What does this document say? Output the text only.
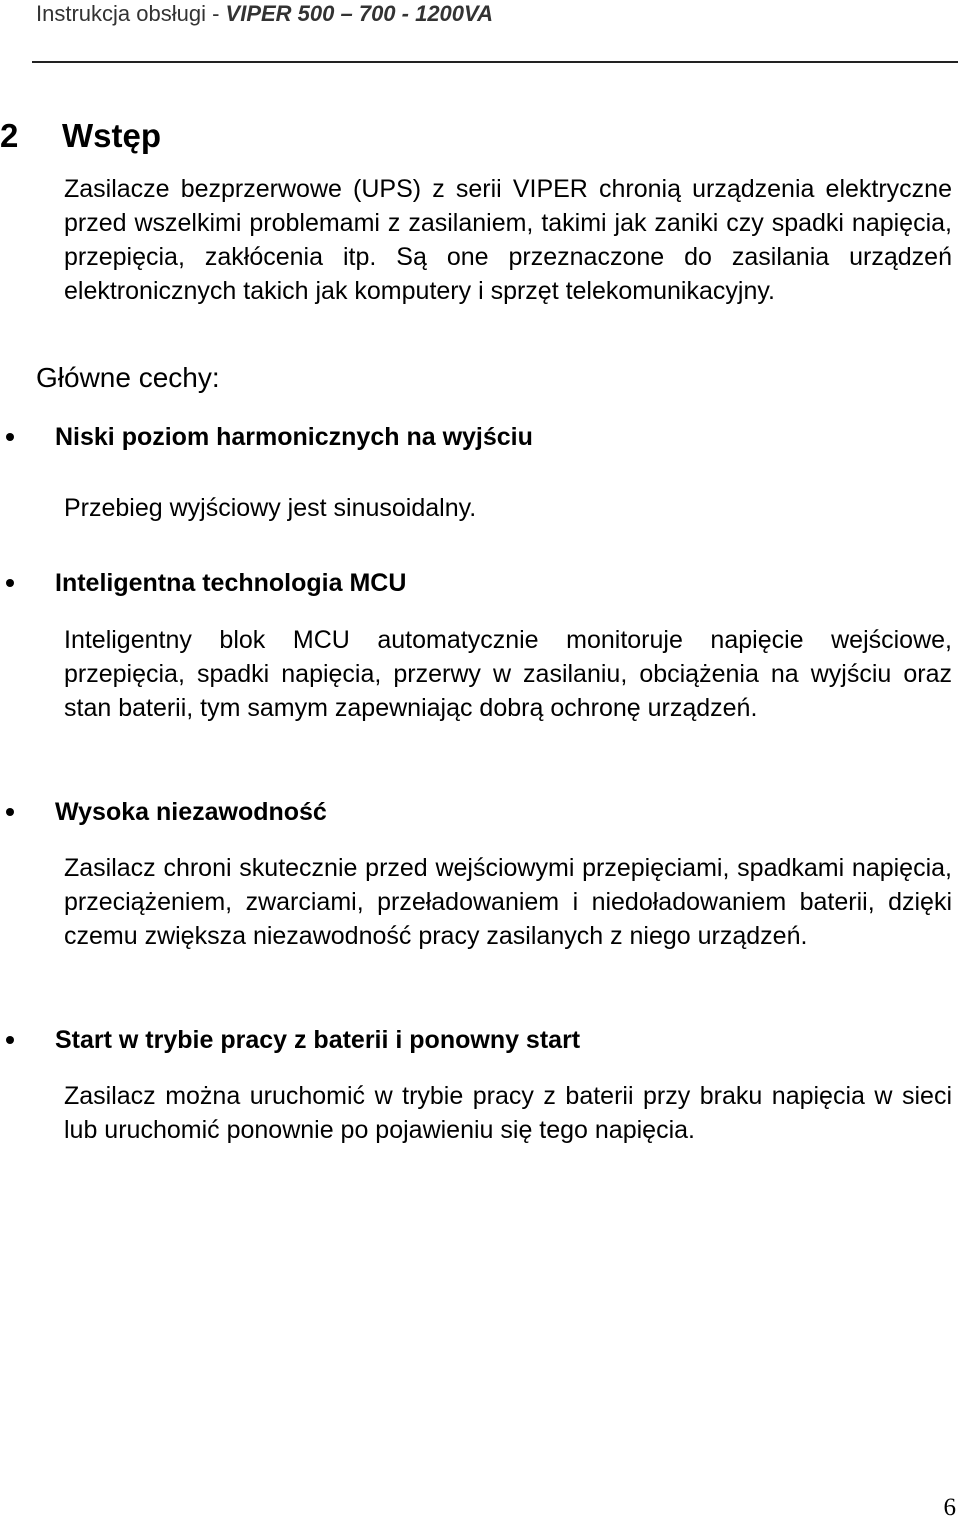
Instrukcja obsługi - VIPER 500 – 700 - 1200VA
2 Wstęp

Zasilacze bezprzerwowe (UPS) z serii VIPER chronią urządzenia elektryczne przed wszelkimi problemami z zasilaniem, takimi jak zaniki czy spadki napięcia, przepięcia, zakłócenia itp. Są one przeznaczone do zasilania urządzeń elektronicznych takich jak komputery i sprzęt telekomunikacyjny.

Główne cechy:
Niski poziom harmonicznych na wyjściu

Przebieg wyjściowy jest sinusoidalny.

Inteligentna technologia MCU

Inteligentny blok MCU automatycznie monitoruje napięcie wejściowe, przepięcia, spadki napięcia, przerwy w zasilaniu, obciążenia na wyjściu oraz stan baterii, tym samym zapewniając dobrą ochronę urządzeń.

Wysoka niezawodność

Zasilacz chroni skutecznie przed wejściowymi przepięciami, spadkami napięcia, przeciążeniem, zwarciami, przeładowaniem i niedoładowaniem baterii, dzięki czemu zwiększa niezawodność pracy zasilanych z niego urządzeń.

Start w trybie pracy z baterii i ponowny start

Zasilacz można uruchomić w trybie pracy z baterii przy braku napięcia w sieci lub uruchomić ponownie po pojawieniu się tego napięcia.

6
